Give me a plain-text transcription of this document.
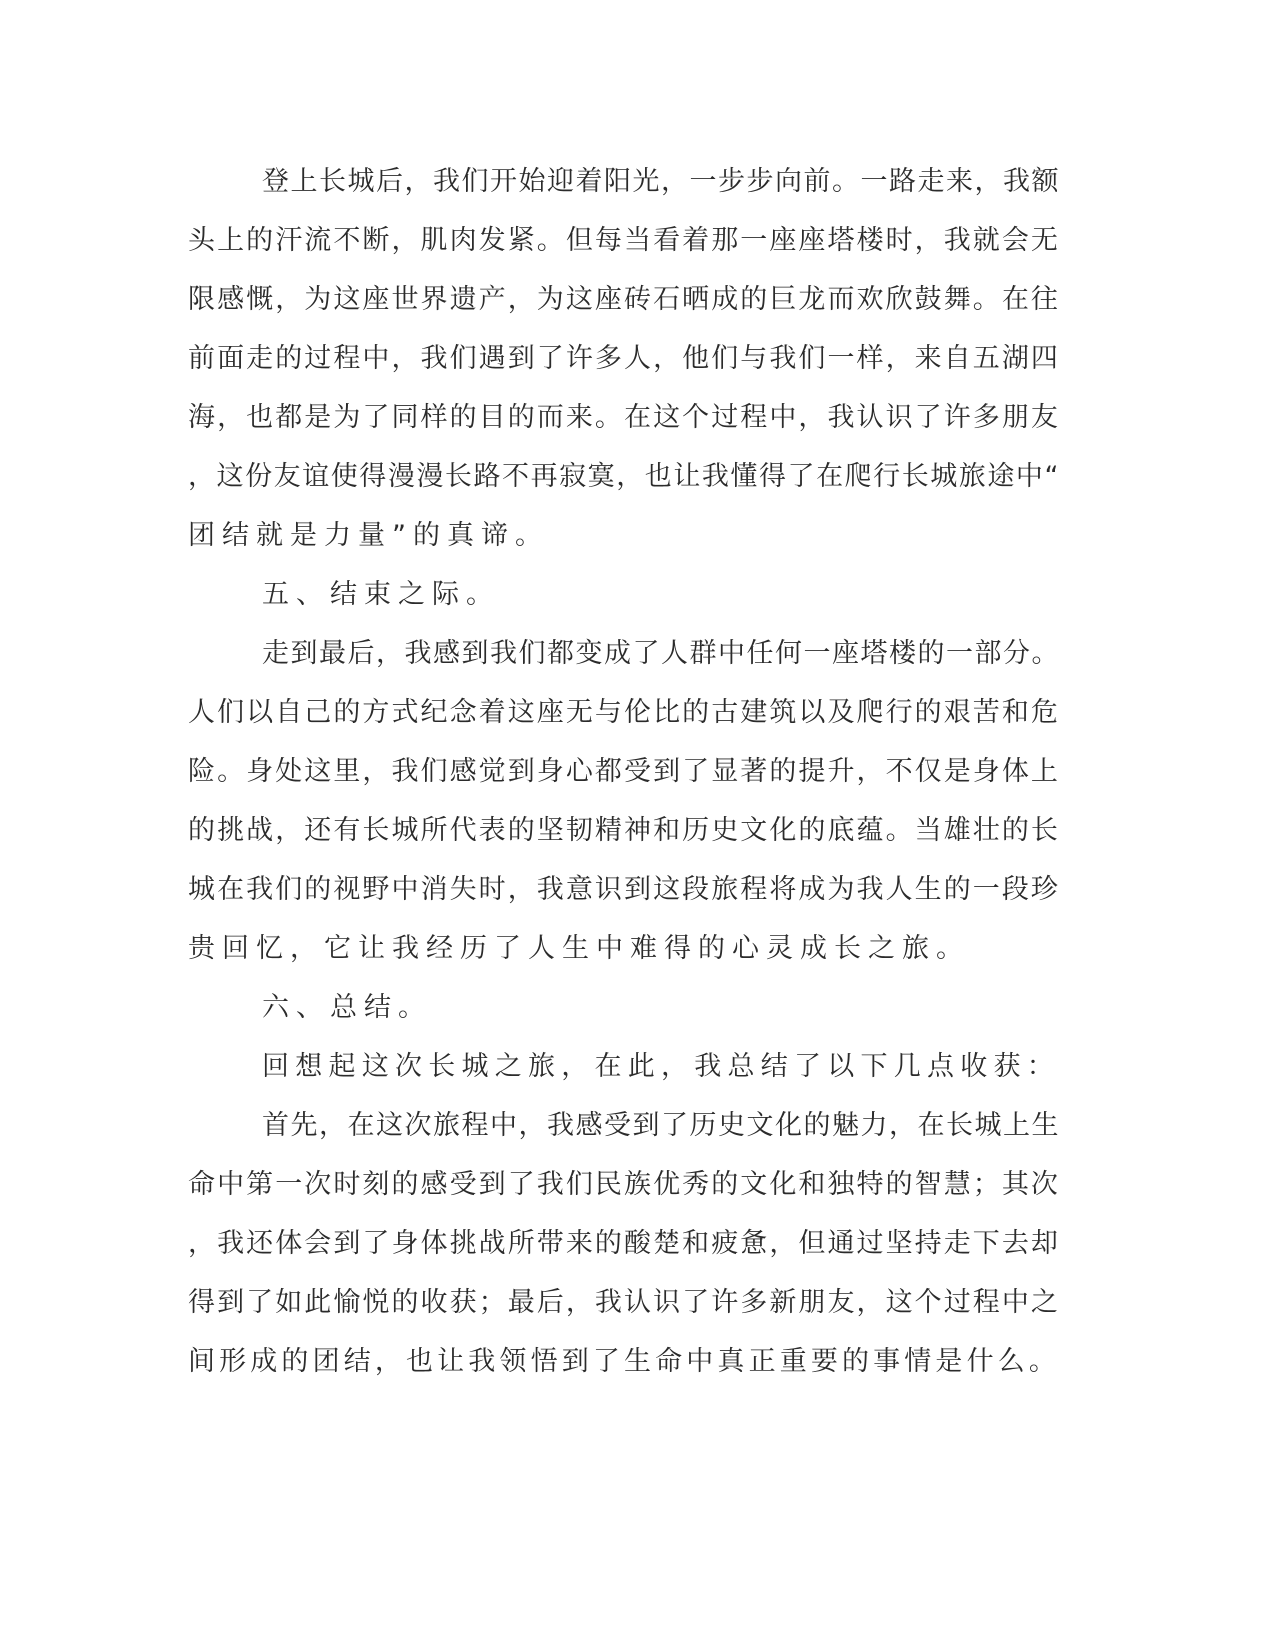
登上长城后，我们开始迎着阳光，一步步向前。一路走来，我额
头上的汗流不断，肌肉发紧。但每当看着那一座座塔楼时，我就会无
限感慨，为这座世界遗产，为这座砖石晒成的巨龙而欢欣鼓舞。在往
前面走的过程中，我们遇到了许多人，他们与我们一样，来自五湖四
海，也都是为了同样的目的而来。在这个过程中，我认识了许多朋友
，这份友谊使得漫漫长路不再寂寞，也让我懂得了在爬行长城旅途中“
团结就是力量”的真谛。
五、结束之际。
走到最后，我感到我们都变成了人群中任何一座塔楼的一部分。
人们以自己的方式纪念着这座无与伦比的古建筑以及爬行的艰苦和危
险。身处这里，我们感觉到身心都受到了显著的提升，不仅是身体上
的挑战，还有长城所代表的坚韧精神和历史文化的底蕴。当雄壮的长
城在我们的视野中消失时，我意识到这段旅程将成为我人生的一段珍
贵回忆，它让我经历了人生中难得的心灵成长之旅。
六、总结。
回想起这次长城之旅，在此，我总结了以下几点收获：
首先，在这次旅程中，我感受到了历史文化的魅力，在长城上生
命中第一次时刻的感受到了我们民族优秀的文化和独特的智慧；其次
，我还体会到了身体挑战所带来的酸楚和疲惫，但通过坚持走下去却
得到了如此愉悦的收获；最后，我认识了许多新朋友，这个过程中之
间形成的团结，也让我领悟到了生命中真正重要的事情是什么。
